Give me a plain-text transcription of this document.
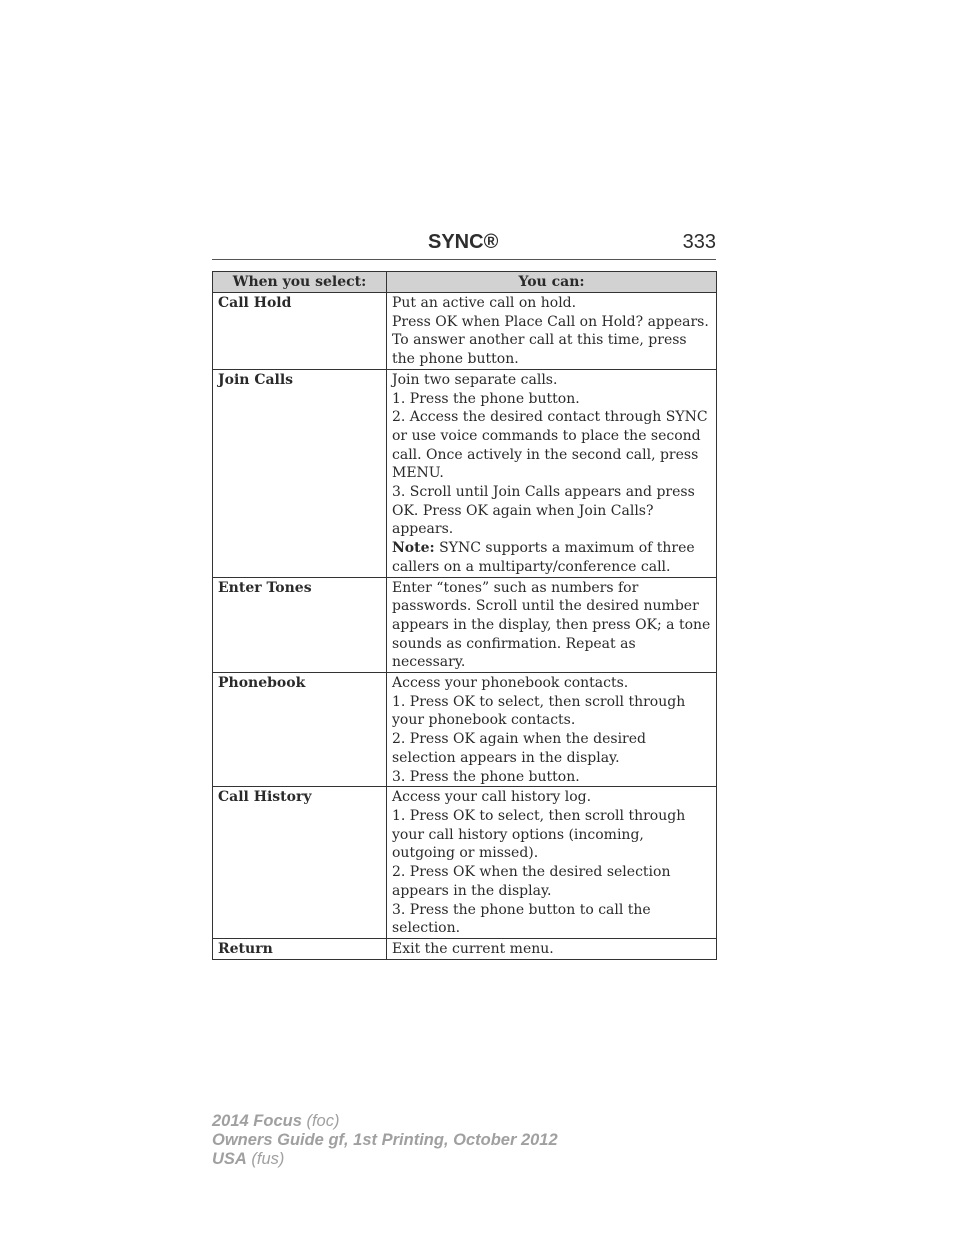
SYNC®	333
When you select:	You can:
Call Hold	Put an active call on hold.
Press OK when Place Call on Hold? appears. To answer another call at this time, press the phone button.

Join Calls	Join two separate calls.
1. Press the phone button.
2. Access the desired contact through SYNC or use voice commands to place the second call. Once actively in the second call, press MENU.
3. Scroll until Join Calls appears and press OK. Press OK again when Join Calls? appears.
Note: SYNC supports a maximum of three callers on a multiparty/conference call.

Enter Tones	Enter “tones” such as numbers for passwords. Scroll until the desired number appears in the display, then press OK; a tone sounds as confirmation. Repeat as necessary.

Phonebook	Access your phonebook contacts.
1. Press OK to select, then scroll through your phonebook contacts.
2. Press OK again when the desired selection appears in the display.
3. Press the phone button.

Call History	Access your call history log.
1. Press OK to select, then scroll through your call history options (incoming, outgoing or missed).
2. Press OK when the desired selection appears in the display.
3. Press the phone button to call the selection.

Return	Exit the current menu.
2014 Focus (foc)
Owners Guide gf, 1st Printing, October 2012
USA (fus)
